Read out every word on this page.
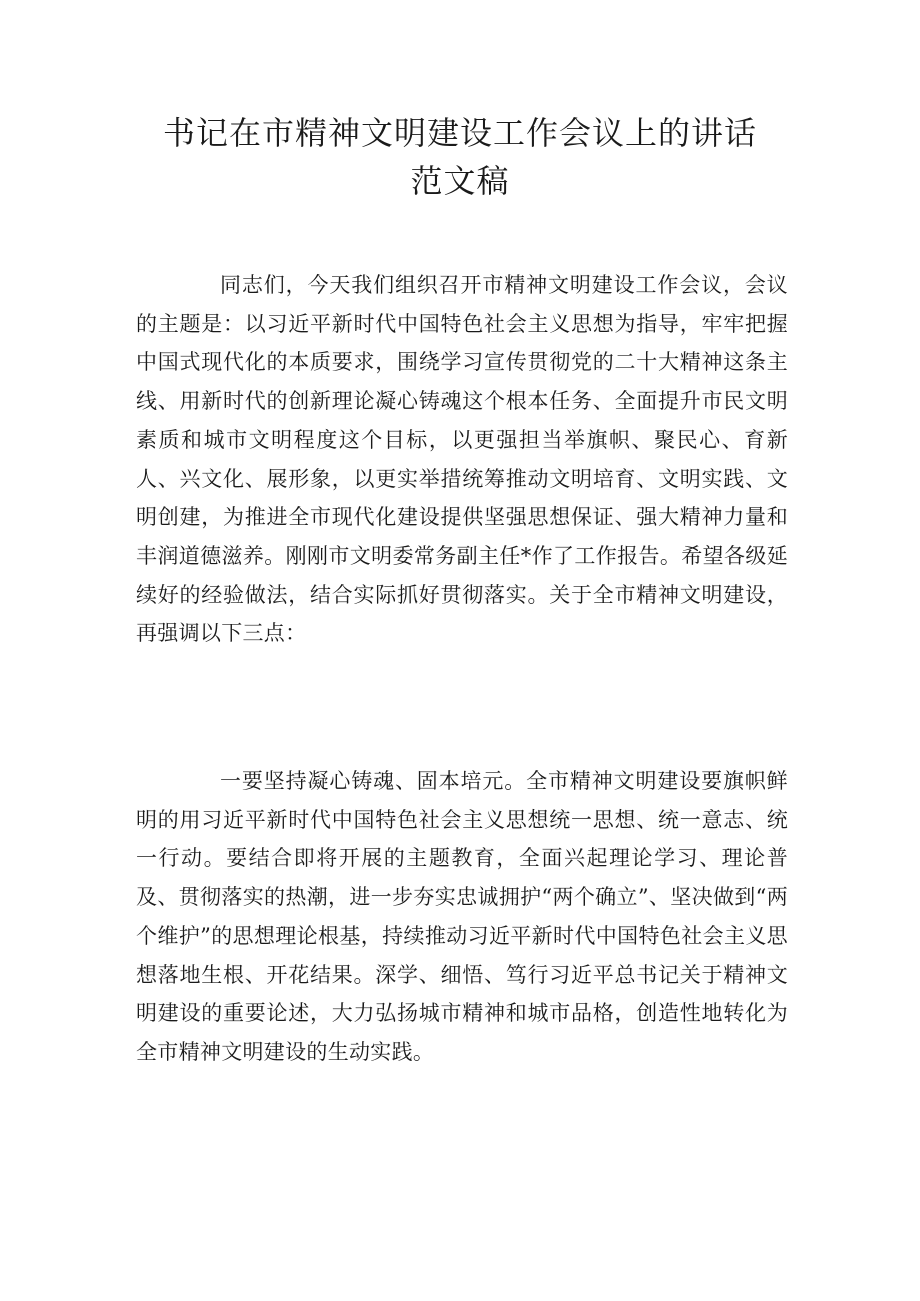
书记在市精神文明建设工作会议上的讲话
范文稿

同志们，今天我们组织召开市精神文明建设工作会议，会议的主题是：以习近平新时代中国特色社会主义思想为指导，牢牢把握中国式现代化的本质要求，围绕学习宣传贯彻党的二十大精神这条主线、用新时代的创新理论凝心铸魂这个根本任务、全面提升市民文明素质和城市文明程度这个目标，以更强担当举旗帜、聚民心、育新人、兴文化、展形象，以更实举措统筹推动文明培育、文明实践、文明创建，为推进全市现代化建设提供坚强思想保证、强大精神力量和丰润道德滋养。刚刚市文明委常务副主任*作了工作报告。希望各级延续好的经验做法，结合实际抓好贯彻落实。关于全市精神文明建设，再强调以下三点：

一要坚持凝心铸魂、固本培元。全市精神文明建设要旗帜鲜明的用习近平新时代中国特色社会主义思想统一思想、统一意志、统一行动。要结合即将开展的主题教育，全面兴起理论学习、理论普及、贯彻落实的热潮，进一步夯实忠诚拥护“两个确立”、坚决做到“两个维护”的思想理论根基，持续推动习近平新时代中国特色社会主义思想落地生根、开花结果。深学、细悟、笃行习近平总书记关于精神文明建设的重要论述，大力弘扬城市精神和城市品格，创造性地转化为全市精神文明建设的生动实践。
